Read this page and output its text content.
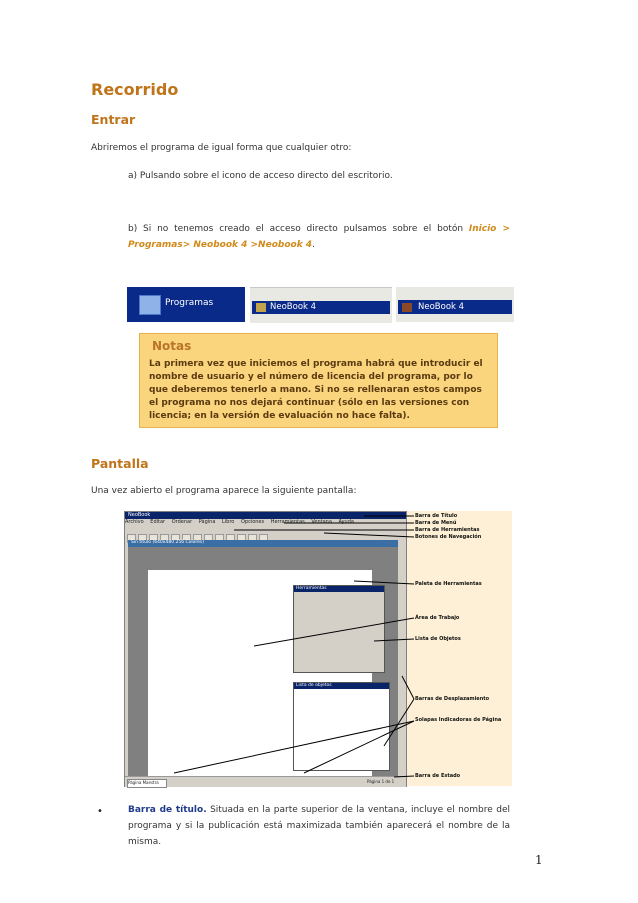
Recorrido
Entrar
Abriremos el programa de igual forma que cualquier otro:
a) Pulsando sobre el icono de acceso directo del escritorio.
b) Si no tenemos creado el acceso directo pulsamos sobre el botón Inicio > Programas> Neobook 4 >Neobook 4.
Programas	NeoBook 4	NeoBook 4
Notas
La primera vez que iniciemos el programa habrá que introducir el nombre de usuario y el número de licencia del programa, por lo que deberemos tenerlo a mano. Si no se rellenaran estos campos el programa no nos dejará continuar (sólo en las versiones con licencia; en la versión de evaluación no hace falta).
Pantalla
Una vez abierto el programa aparece la siguiente pantalla:
NeoBook
Archivo Editar Ordenar Página Libro Opciones Herramientas Ventana Ayuda
Sin título (640x480 256 Colores)
Herramientas
Lista de objetos
Página Maestra	Página 1 de 1
Barra de Título
Barra de Menú
Barra de Herramientas
Botones de Navegación
Paleta de Herramientas
Área de Trabajo
Lista de Objetos
Barras de Desplazamiento
Solapas Indicadoras de Página
Barra de Estado
•	Barra de título. Situada en la parte superior de la ventana, incluye el nombre del programa y si la publicación está maximizada también aparecerá el nombre de la misma.
1
